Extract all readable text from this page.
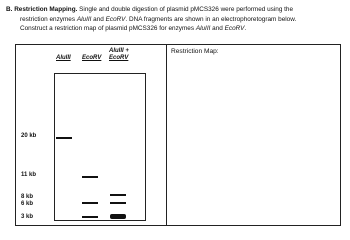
B. Restriction Mapping. Single and double digestion of plasmid pMCS326 were performed using the
restriction enzymes AluIII and EcoRV. DNA fragments are shown in an electrophoretogram below.
Construct a restriction map of plasmid pMCS326 for enzymes AluIII and EcoRV.
AluIII EcoRV
AluIII +
EcoRV
20 kb
11 kb
8 kb
6 kb
3 kb
Restriction Map:
